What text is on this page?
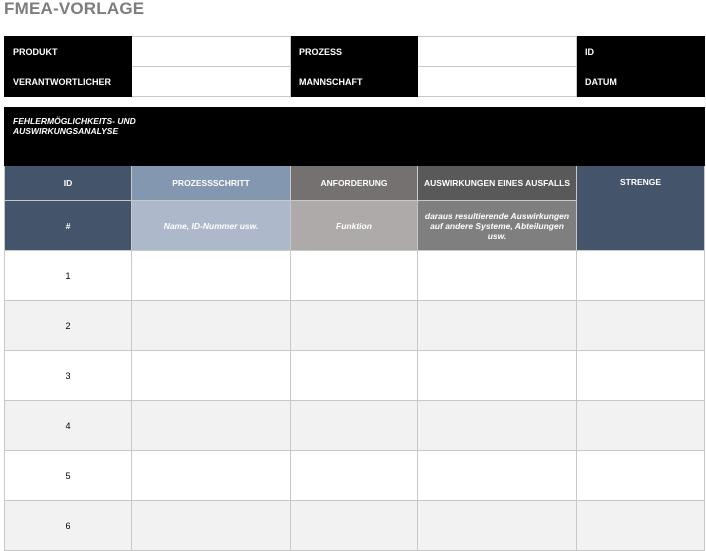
FMEA-VORLAGE
PRODUKT		PROZESS		ID
VERANTWORTLICHER		MANNSCHAFT		DATUM
FEHLERMÖGLICHKEITS- UND AUSWIRKUNGSANALYSE				

ID	PROZESSSCHRITT	ANFORDERUNG	AUSWIRKUNGEN EINES AUSFALLS	STRENGE
#	Name, ID-Nummer usw.	Funktion	daraus resultierende Auswirkungen auf andere Systeme, Abteilungen usw.	
1				
2				
3				
4				
5				
6				
